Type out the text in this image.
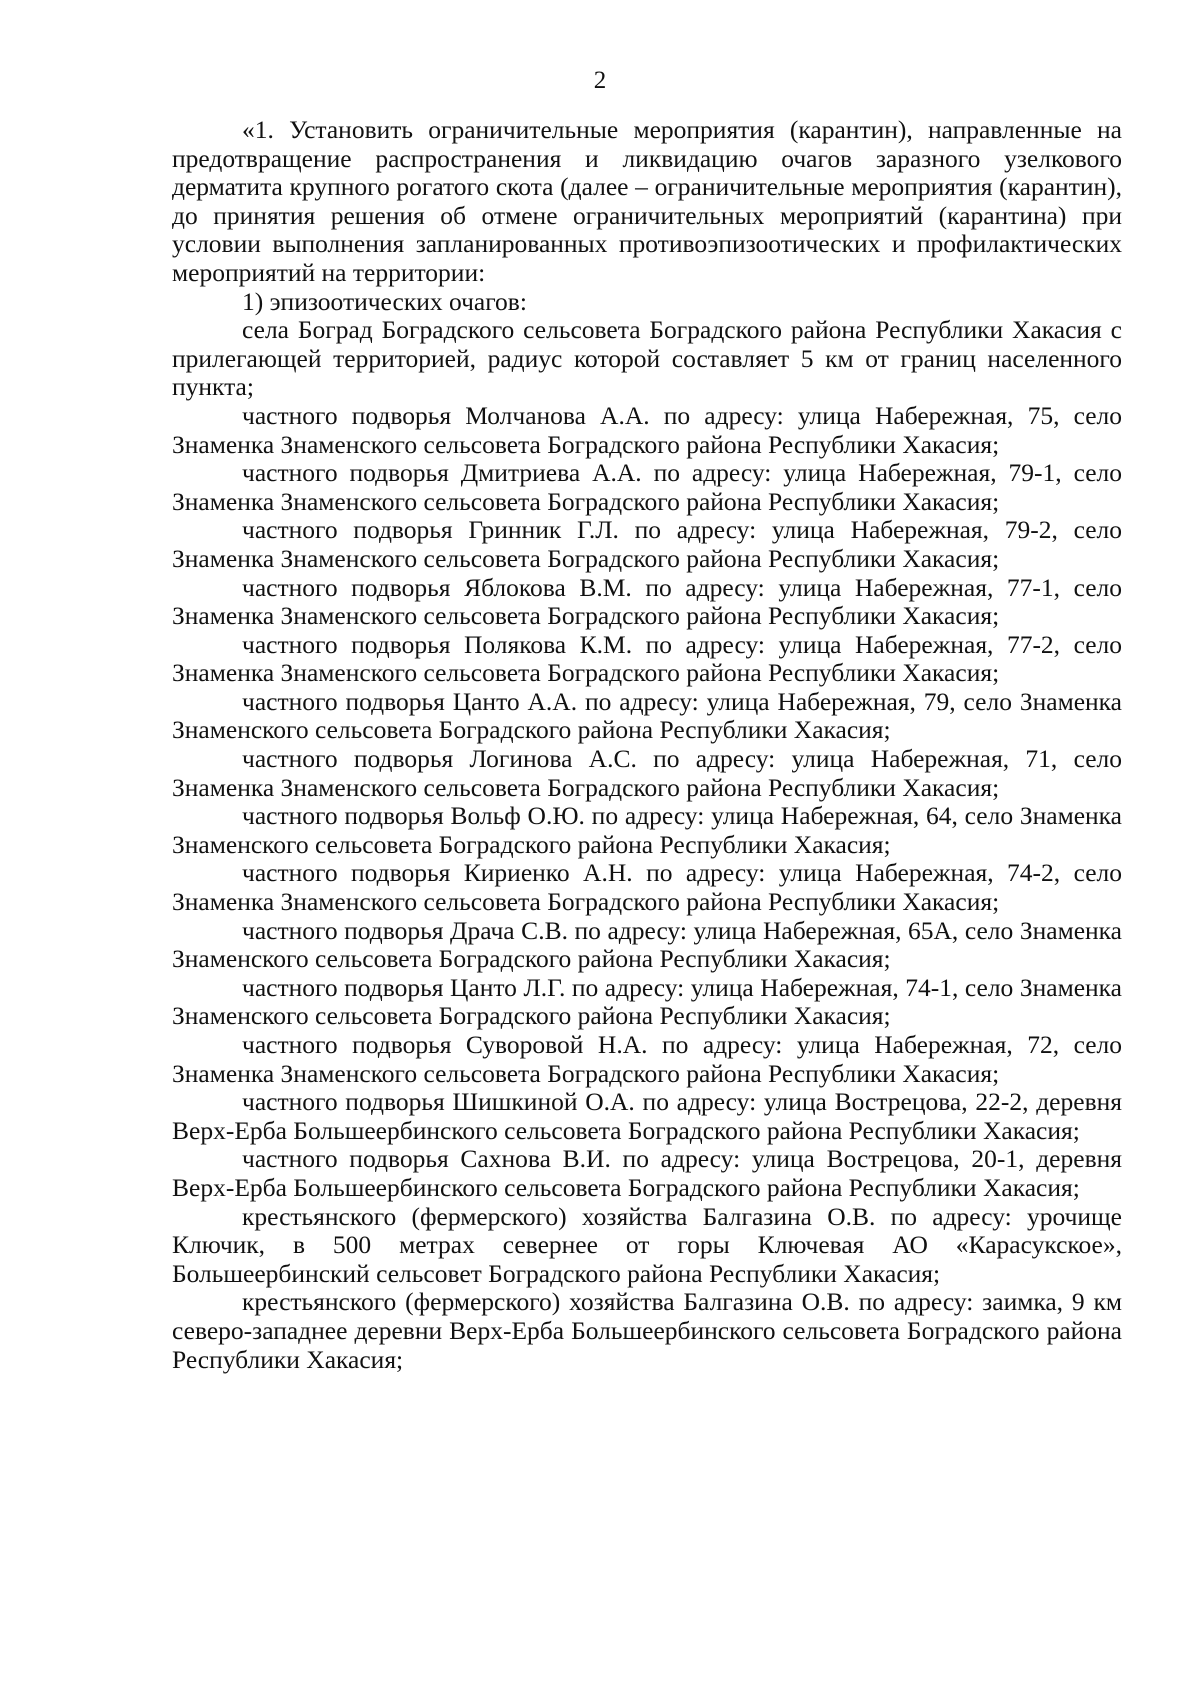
2

«1. Установить ограничительные мероприятия (карантин), направленные на предотвращение распространения и ликвидацию очагов заразного узелкового дерматита крупного рогатого скота (далее – ограничительные мероприятия (карантин), до принятия решения об отмене ограничительных мероприятий (карантина) при условии выполнения запланированных противоэпизоотических и профилактических мероприятий на территории:

1) эпизоотических очагов:

села Боград Боградского сельсовета Боградского района Республики Хакасия с прилегающей территорией, радиус которой составляет 5 км от границ населенного пункта;

частного подворья Молчанова А.А. по адресу: улица Набережная, 75, село Знаменка Знаменского сельсовета Боградского района Республики Хакасия;

частного подворья Дмитриева А.А. по адресу: улица Набережная, 79-1, село Знаменка Знаменского сельсовета Боградского района Республики Хакасия;

частного подворья Гринник Г.Л. по адресу: улица Набережная, 79-2, село Знаменка Знаменского сельсовета Боградского района Республики Хакасия;

частного подворья Яблокова В.М. по адресу: улица Набережная, 77-1, село Знаменка Знаменского сельсовета Боградского района Республики Хакасия;

частного подворья Полякова К.М. по адресу: улица Набережная, 77-2, село Знаменка Знаменского сельсовета Боградского района Республики Хакасия;

частного подворья Цанто А.А. по адресу: улица Набережная, 79, село Знаменка Знаменского сельсовета Боградского района Республики Хакасия;

частного подворья Логинова А.С. по адресу: улица Набережная, 71, село Знаменка Знаменского сельсовета Боградского района Республики Хакасия;

частного подворья Вольф О.Ю. по адресу: улица Набережная, 64, село Знаменка Знаменского сельсовета Боградского района Республики Хакасия;

частного подворья Кириенко А.Н. по адресу: улица Набережная, 74-2, село Знаменка Знаменского сельсовета Боградского района Республики Хакасия;

частного подворья Драча С.В. по адресу: улица Набережная, 65А, село Знаменка Знаменского сельсовета Боградского района Республики Хакасия;

частного подворья Цанто Л.Г. по адресу: улица Набережная, 74-1, село Знаменка Знаменского сельсовета Боградского района Республики Хакасия;

частного подворья Суворовой Н.А. по адресу: улица Набережная, 72, село Знаменка Знаменского сельсовета Боградского района Республики Хакасия;

частного подворья Шишкиной О.А. по адресу: улица Вострецова, 22-2, деревня Верх-Ерба Большеербинского сельсовета Боградского района Республики Хакасия;

частного подворья Сахнова В.И. по адресу: улица Вострецова, 20-1, деревня Верх-Ерба Большеербинского сельсовета Боградского района Республики Хакасия;

крестьянского (фермерского) хозяйства Балгазина О.В. по адресу: урочище Ключик, в 500 метрах севернее от горы Ключевая АО «Карасукское», Большеербинский сельсовет Боградского района Республики Хакасия;

крестьянского (фермерского) хозяйства Балгазина О.В. по адресу: заимка, 9 км северо-западнее деревни Верх-Ерба Большеербинского сельсовета Боградского района Республики Хакасия;
